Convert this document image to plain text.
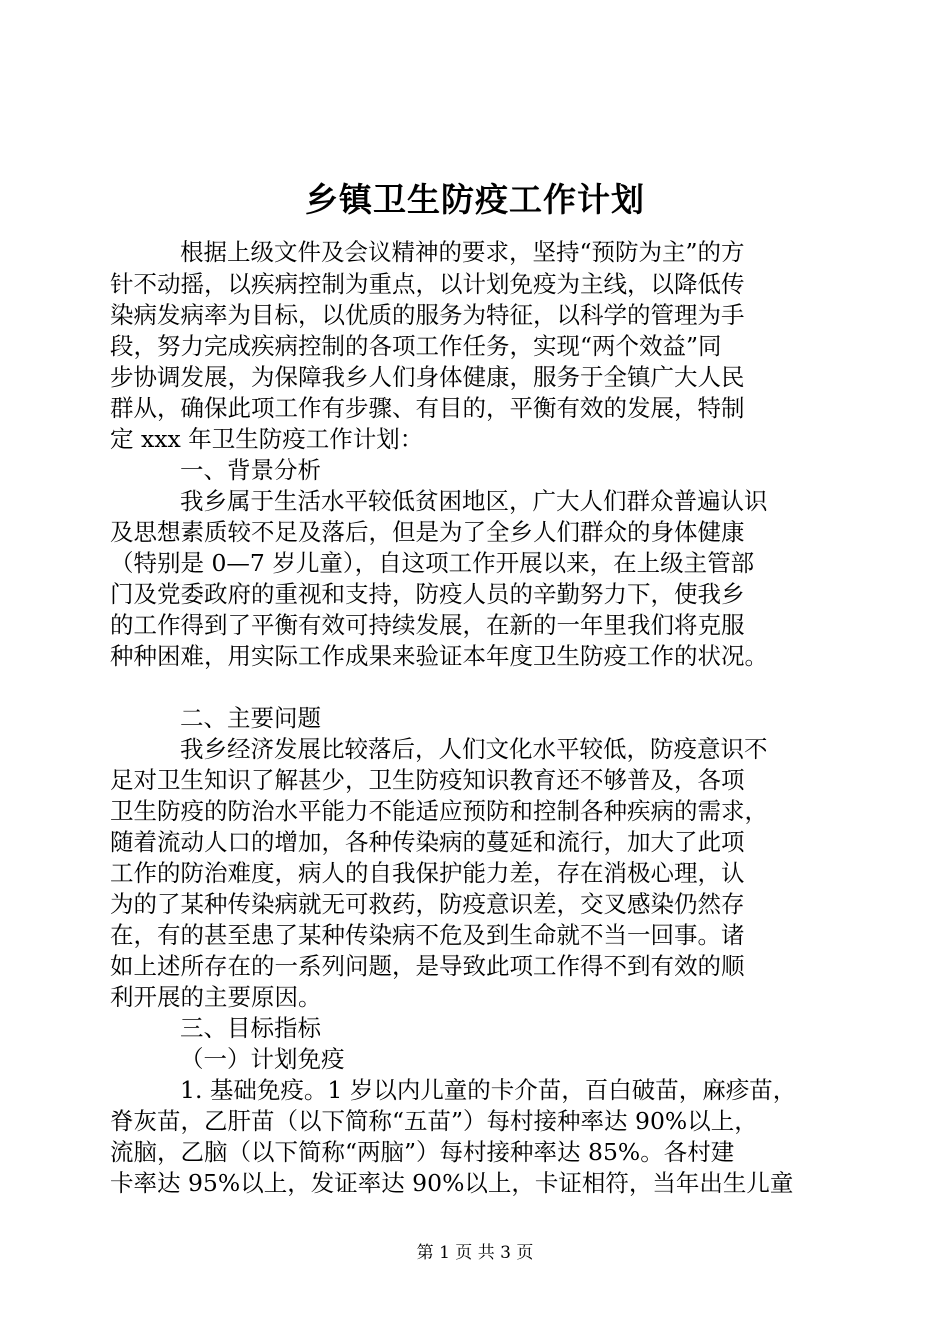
乡镇卫生防疫工作计划
根据上级文件及会议精神的要求，坚持“预防为主”的方
针不动摇，以疾病控制为重点，以计划免疫为主线，以降低传
染病发病率为目标，以优质的服务为特征，以科学的管理为手
段，努力完成疾病控制的各项工作任务，实现“两个效益”同
步协调发展，为保障我乡人们身体健康，服务于全镇广大人民
群从，确保此项工作有步骤、有目的，平衡有效的发展，特制
定 xxx 年卫生防疫工作计划：
一、背景分析
我乡属于生活水平较低贫困地区，广大人们群众普遍认识
及思想素质较不足及落后，但是为了全乡人们群众的身体健康
（特别是 0—7 岁儿童），自这项工作开展以来，在上级主管部
门及党委政府的重视和支持，防疫人员的辛勤努力下，使我乡
的工作得到了平衡有效可持续发展，在新的一年里我们将克服
种种困难，用实际工作成果来验证本年度卫生防疫工作的状况。
二、主要问题
我乡经济发展比较落后，人们文化水平较低，防疫意识不
足对卫生知识了解甚少，卫生防疫知识教育还不够普及，各项
卫生防疫的防治水平能力不能适应预防和控制各种疾病的需求，
随着流动人口的增加，各种传染病的蔓延和流行，加大了此项
工作的防治难度，病人的自我保护能力差，存在消极心理，认
为的了某种传染病就无可救药，防疫意识差，交叉感染仍然存
在，有的甚至患了某种传染病不危及到生命就不当一回事。诸
如上述所存在的一系列问题，是导致此项工作得不到有效的顺
利开展的主要原因。
三、目标指标
（一）计划免疫
1. 基础免疫。1 岁以内儿童的卡介苗，百白破苗，麻疹苗，
脊灰苗，乙肝苗（以下简称“五苗”）每村接种率达 90%以上，
流脑，乙脑（以下简称“两脑”）每村接种率达 85%。各村建
卡率达 95%以上，发证率达 90%以上，卡证相符，当年出生儿童
第 1 页 共 3 页
